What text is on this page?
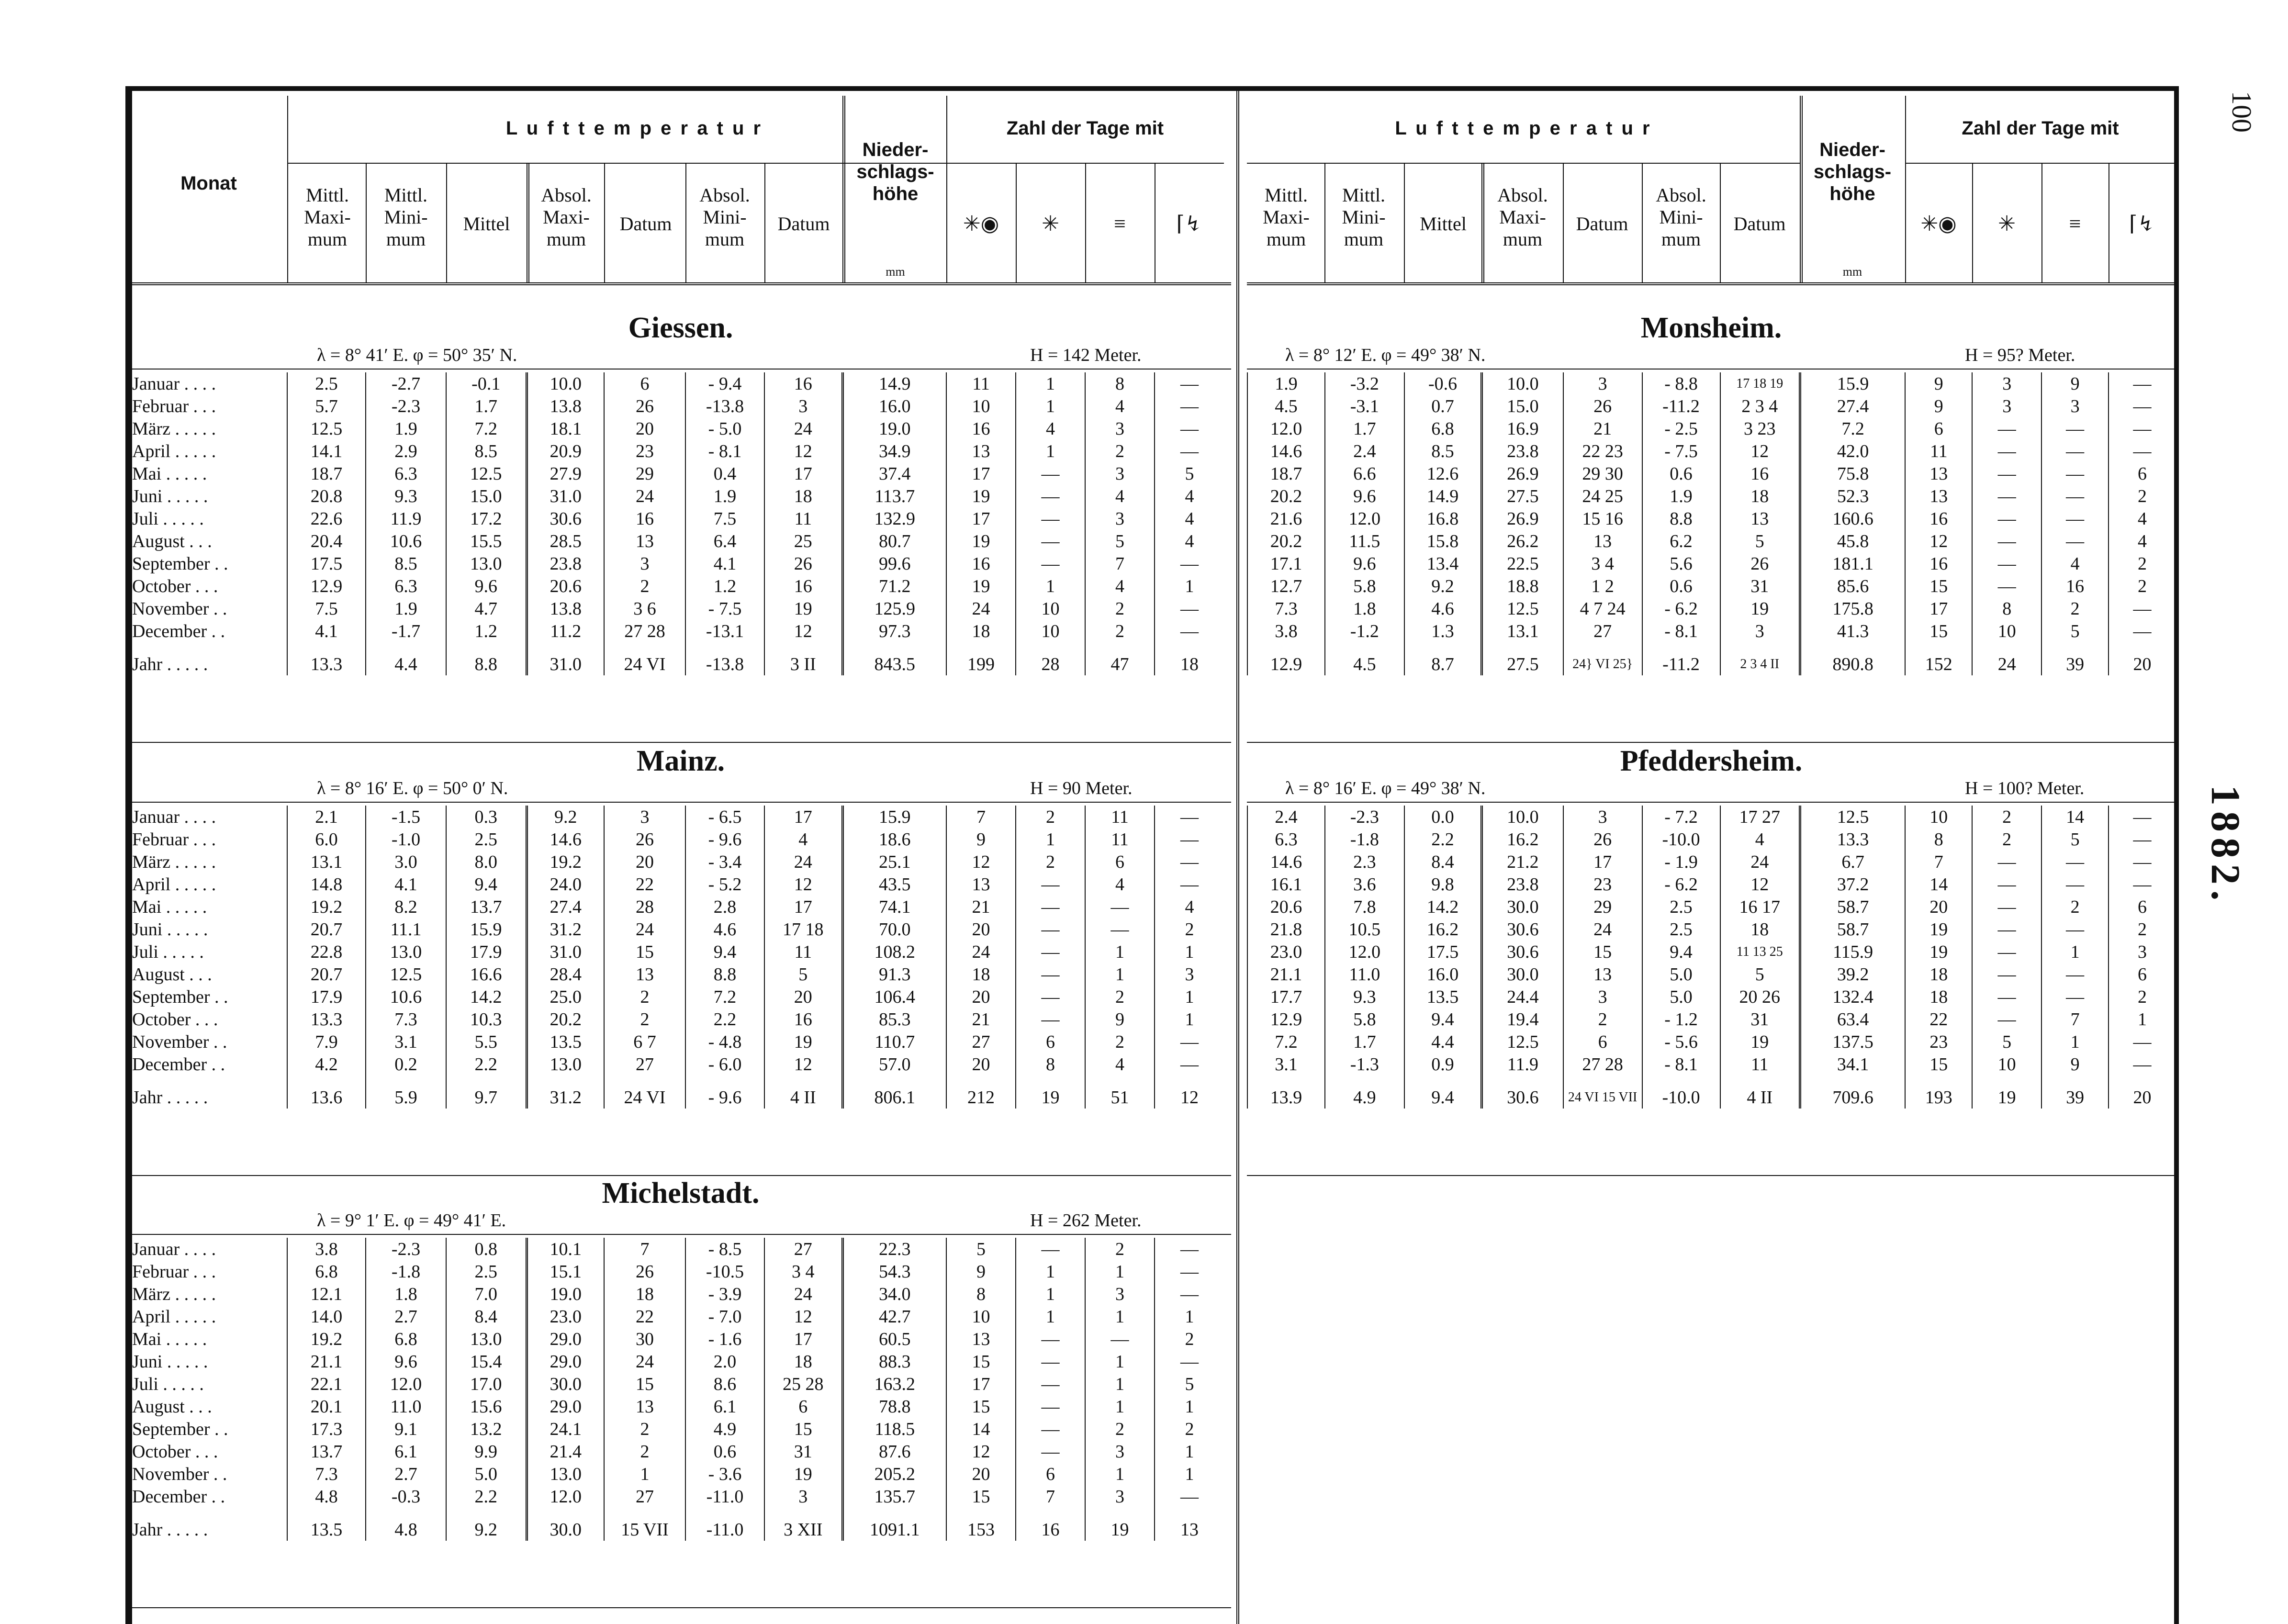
100
1882.
Monat
L u f t t e m p e r a t u r
Mittl. Maxi- mum
Mittl. Mini- mum
Mittel
Absol. Maxi- mum
Datum
Absol. Mini- mum
Datum
Nieder- schlags- höhe
mm
Zahl der Tage mit
✳◉	✳	≡	⌈↯
L u f t t e m p e r a t u r
Mittl. Maxi- mum
Mittl. Mini- mum
Mittel
Absol. Maxi- mum
Datum
Absol. Mini- mum
Datum
Nieder- schlags- höhe
mm
Zahl der Tage mit
✳◉	✳	≡	⌈↯
Giessen.
λ = 8° 41′ E. φ = 50° 35′ N.	H = 142 Meter.
Januar . . . .	2.5	-2.7	-0.1	10.0	6	- 9.4	16	14.9	11	1	8	—
Februar . . .	5.7	-2.3	1.7	13.8	26	-13.8	3	16.0	10	1	4	—
März . . . . .	12.5	1.9	7.2	18.1	20	- 5.0	24	19.0	16	4	3	—
April . . . . .	14.1	2.9	8.5	20.9	23	- 8.1	12	34.9	13	1	2	—
Mai . . . . .	18.7	6.3	12.5	27.9	29	0.4	17	37.4	17	—	3	5
Juni . . . . .	20.8	9.3	15.0	31.0	24	1.9	18	113.7	19	—	4	4
Juli . . . . .	22.6	11.9	17.2	30.6	16	7.5	11	132.9	17	—	3	4
August . . .	20.4	10.6	15.5	28.5	13	6.4	25	80.7	19	—	5	4
September . .	17.5	8.5	13.0	23.8	3	4.1	26	99.6	16	—	7	—
October . . .	12.9	6.3	9.6	20.6	2	1.2	16	71.2	19	1	4	1
November . .	7.5	1.9	4.7	13.8	3 6	- 7.5	19	125.9	24	10	2	—
December . .	4.1	-1.7	1.2	11.2	27 28	-13.1	12	97.3	18	10	2	—
Jahr . . . . .	13.3	4.4	8.8	31.0	24 VI	-13.8	3 II	843.5	199	28	47	18
Mainz.
λ = 8° 16′ E. φ = 50° 0′ N.	H = 90 Meter.
Januar . . . .	2.1	-1.5	0.3	9.2	3	- 6.5	17	15.9	7	2	11	—
Februar . . .	6.0	-1.0	2.5	14.6	26	- 9.6	4	18.6	9	1	11	—
März . . . . .	13.1	3.0	8.0	19.2	20	- 3.4	24	25.1	12	2	6	—
April . . . . .	14.8	4.1	9.4	24.0	22	- 5.2	12	43.5	13	—	4	—
Mai . . . . .	19.2	8.2	13.7	27.4	28	2.8	17	74.1	21	—	—	4
Juni . . . . .	20.7	11.1	15.9	31.2	24	4.6	17 18	70.0	20	—	—	2
Juli . . . . .	22.8	13.0	17.9	31.0	15	9.4	11	108.2	24	—	1	1
August . . .	20.7	12.5	16.6	28.4	13	8.8	5	91.3	18	—	1	3
September . .	17.9	10.6	14.2	25.0	2	7.2	20	106.4	20	—	2	1
October . . .	13.3	7.3	10.3	20.2	2	2.2	16	85.3	21	—	9	1
November . .	7.9	3.1	5.5	13.5	6 7	- 4.8	19	110.7	27	6	2	—
December . .	4.2	0.2	2.2	13.0	27	- 6.0	12	57.0	20	8	4	—
Jahr . . . . .	13.6	5.9	9.7	31.2	24 VI	- 9.6	4 II	806.1	212	19	51	12
Michelstadt.
λ = 9° 1′ E. φ = 49° 41′ E.	H = 262 Meter.
Januar . . . .	3.8	-2.3	0.8	10.1	7	- 8.5	27	22.3	5	—	2	—
Februar . . .	6.8	-1.8	2.5	15.1	26	-10.5	3 4	54.3	9	1	1	—
März . . . . .	12.1	1.8	7.0	19.0	18	- 3.9	24	34.0	8	1	3	—
April . . . . .	14.0	2.7	8.4	23.0	22	- 7.0	12	42.7	10	1	1	1
Mai . . . . .	19.2	6.8	13.0	29.0	30	- 1.6	17	60.5	13	—	—	2
Juni . . . . .	21.1	9.6	15.4	29.0	24	2.0	18	88.3	15	—	1	—
Juli . . . . .	22.1	12.0	17.0	30.0	15	8.6	25 28	163.2	17	—	1	5
August . . .	20.1	11.0	15.6	29.0	13	6.1	6	78.8	15	—	1	1
September . .	17.3	9.1	13.2	24.1	2	4.9	15	118.5	14	—	2	2
October . . .	13.7	6.1	9.9	21.4	2	0.6	31	87.6	12	—	3	1
November . .	7.3	2.7	5.0	13.0	1	- 3.6	19	205.2	20	6	1	1
December . .	4.8	-0.3	2.2	12.0	27	-11.0	3	135.7	15	7	3	—
Jahr . . . . .	13.5	4.8	9.2	30.0	15 VII	-11.0	3 XII	1091.1	153	16	19	13
Monsheim.
λ = 8° 12′ E. φ = 49° 38′ N.	H = 95? Meter.
1.9	-3.2	-0.6	10.0	3	- 8.8	17 18 19	15.9	9	3	9	—
4.5	-3.1	0.7	15.0	26	-11.2	2 3 4	27.4	9	3	3	—
12.0	1.7	6.8	16.9	21	- 2.5	3 23	7.2	6	—	—	—
14.6	2.4	8.5	23.8	22 23	- 7.5	12	42.0	11	—	—	—
18.7	6.6	12.6	26.9	29 30	0.6	16	75.8	13	—	—	6
20.2	9.6	14.9	27.5	24 25	1.9	18	52.3	13	—	—	2
21.6	12.0	16.8	26.9	15 16	8.8	13	160.6	16	—	—	4
20.2	11.5	15.8	26.2	13	6.2	5	45.8	12	—	—	4
17.1	9.6	13.4	22.5	3 4	5.6	26	181.1	16	—	4	2
12.7	5.8	9.2	18.8	1 2	0.6	31	85.6	15	—	16	2
7.3	1.8	4.6	12.5	4 7 24	- 6.2	19	175.8	17	8	2	—
3.8	-1.2	1.3	13.1	27	- 8.1	3	41.3	15	10	5	—
12.9	4.5	8.7	27.5	24} VI 25}	-11.2	2 3 4 II	890.8	152	24	39	20
Pfeddersheim.
λ = 8° 16′ E. φ = 49° 38′ N.	H = 100? Meter.
2.4	-2.3	0.0	10.0	3	- 7.2	17 27	12.5	10	2	14	—
6.3	-1.8	2.2	16.2	26	-10.0	4	13.3	8	2	5	—
14.6	2.3	8.4	21.2	17	- 1.9	24	6.7	7	—	—	—
16.1	3.6	9.8	23.8	23	- 6.2	12	37.2	14	—	—	—
20.6	7.8	14.2	30.0	29	2.5	16 17	58.7	20	—	2	6
21.8	10.5	16.2	30.6	24	2.5	18	58.7	19	—	—	2
23.0	12.0	17.5	30.6	15	9.4	11 13 25	115.9	19	—	1	3
21.1	11.0	16.0	30.0	13	5.0	5	39.2	18	—	—	6
17.7	9.3	13.5	24.4	3	5.0	20 26	132.4	18	—	—	2
12.9	5.8	9.4	19.4	2	- 1.2	31	63.4	22	—	7	1
7.2	1.7	4.4	12.5	6	- 5.6	19	137.5	23	5	1	—
3.1	-1.3	0.9	11.9	27 28	- 8.1	11	34.1	15	10	9	—
13.9	4.9	9.4	30.6	24 VI 15 VII	-10.0	4 II	709.6	193	19	39	20
